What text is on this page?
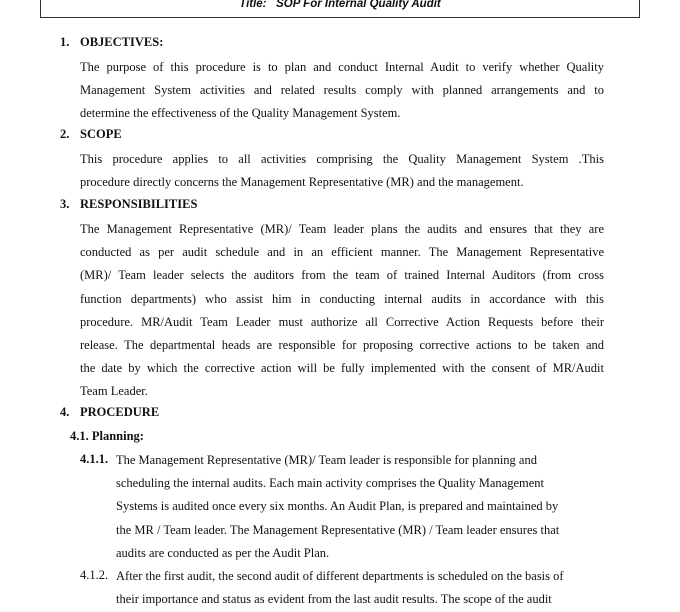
Title: SOP For Internal Quality Audit
1. OBJECTIVES:
The purpose of this procedure is to plan and conduct Internal Audit to verify whether Quality
Management System activities and related results comply with planned arrangements and to
determine the effectiveness of the Quality Management System.
2. SCOPE
This procedure applies to all activities comprising the Quality Management System .This
procedure directly concerns the Management Representative (MR) and the management.
3. RESPONSIBILITIES
The Management Representative (MR)/ Team leader plans the audits and ensures that they are
conducted as per audit schedule and in an efficient manner. The Management Representative
(MR)/ Team leader selects the auditors from the team of trained Internal Auditors (from cross
function departments) who assist him in conducting internal audits in accordance with this
procedure. MR/Audit Team Leader must authorize all Corrective Action Requests before their
release. The departmental heads are responsible for proposing corrective actions to be taken and
the date by which the corrective action will be fully implemented with the consent of MR/Audit
Team Leader.
4. PROCEDURE
4.1. Planning:
4.1.1. The Management Representative (MR)/ Team leader is responsible for planning and
scheduling the internal audits. Each main activity comprises the Quality Management
Systems is audited once every six months. An Audit Plan, is prepared and maintained by
the MR / Team leader. The Management Representative (MR) / Team leader ensures that
audits are conducted as per the Audit Plan.
4.1.2. After the first audit, the second audit of different departments is scheduled on the basis of
their importance and status as evident from the last audit results. The scope of the audit
